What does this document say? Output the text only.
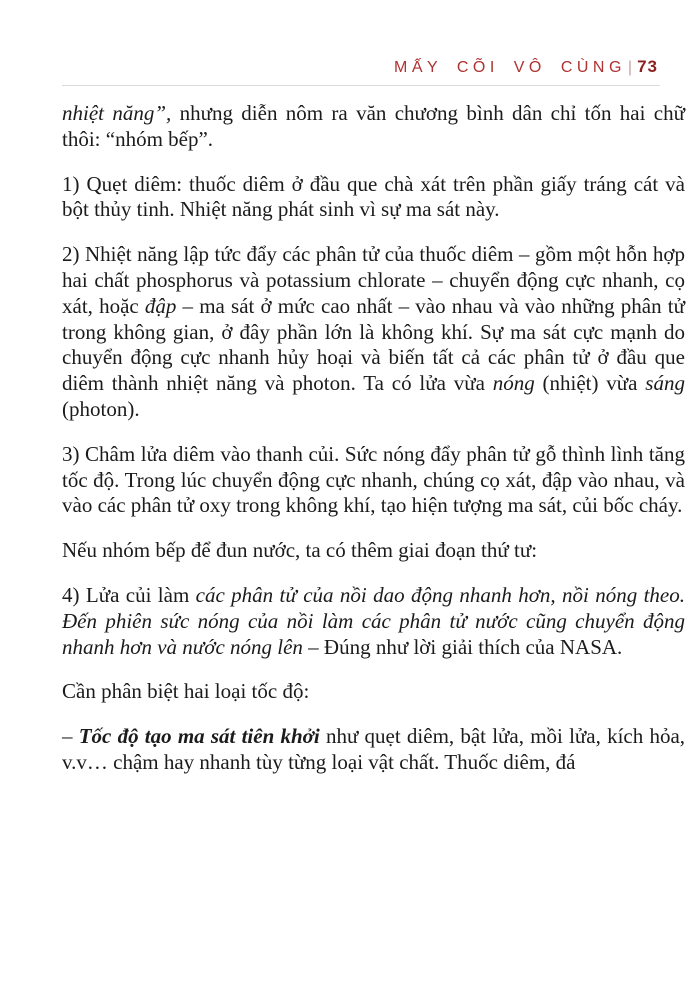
MẤY CÕI VÔ CÙNG | 73

nhiệt năng”, nhưng diễn nôm ra văn chương bình dân chỉ tốn hai chữ thôi: “nhóm bếp”.

1) Quẹt diêm: thuốc diêm ở đầu que chà xát trên phần giấy tráng cát và bột thủy tinh. Nhiệt năng phát sinh vì sự ma sát này.

2) Nhiệt năng lập tức đẩy các phân tử của thuốc diêm – gồm một hỗn hợp hai chất phosphorus và potassium chlorate – chuyển động cực nhanh, cọ xát, hoặc đập – ma sát ở mức cao nhất – vào nhau và vào những phân tử trong không gian, ở đây phần lớn là không khí. Sự ma sát cực mạnh do chuyển động cực nhanh hủy hoại và biến tất cả các phân tử ở đầu que diêm thành nhiệt năng và photon. Ta có lửa vừa nóng (nhiệt) vừa sáng (photon).

3) Châm lửa diêm vào thanh củi. Sức nóng đẩy phân tử gỗ thình lình tăng tốc độ. Trong lúc chuyển động cực nhanh, chúng cọ xát, đập vào nhau, và vào các phân tử oxy trong không khí, tạo hiện tượng ma sát, củi bốc cháy.

Nếu nhóm bếp để đun nước, ta có thêm giai đoạn thứ tư:

4) Lửa củi làm các phân tử của nồi dao động nhanh hơn, nồi nóng theo. Đến phiên sức nóng của nồi làm các phân tử nước cũng chuyển động nhanh hơn và nước nóng lên – Đúng như lời giải thích của NASA.

Cần phân biệt hai loại tốc độ:

– Tốc độ tạo ma sát tiên khởi như quẹt diêm, bật lửa, mồi lửa, kích hỏa, v.v… chậm hay nhanh tùy từng loại vật chất. Thuốc diêm, đá
